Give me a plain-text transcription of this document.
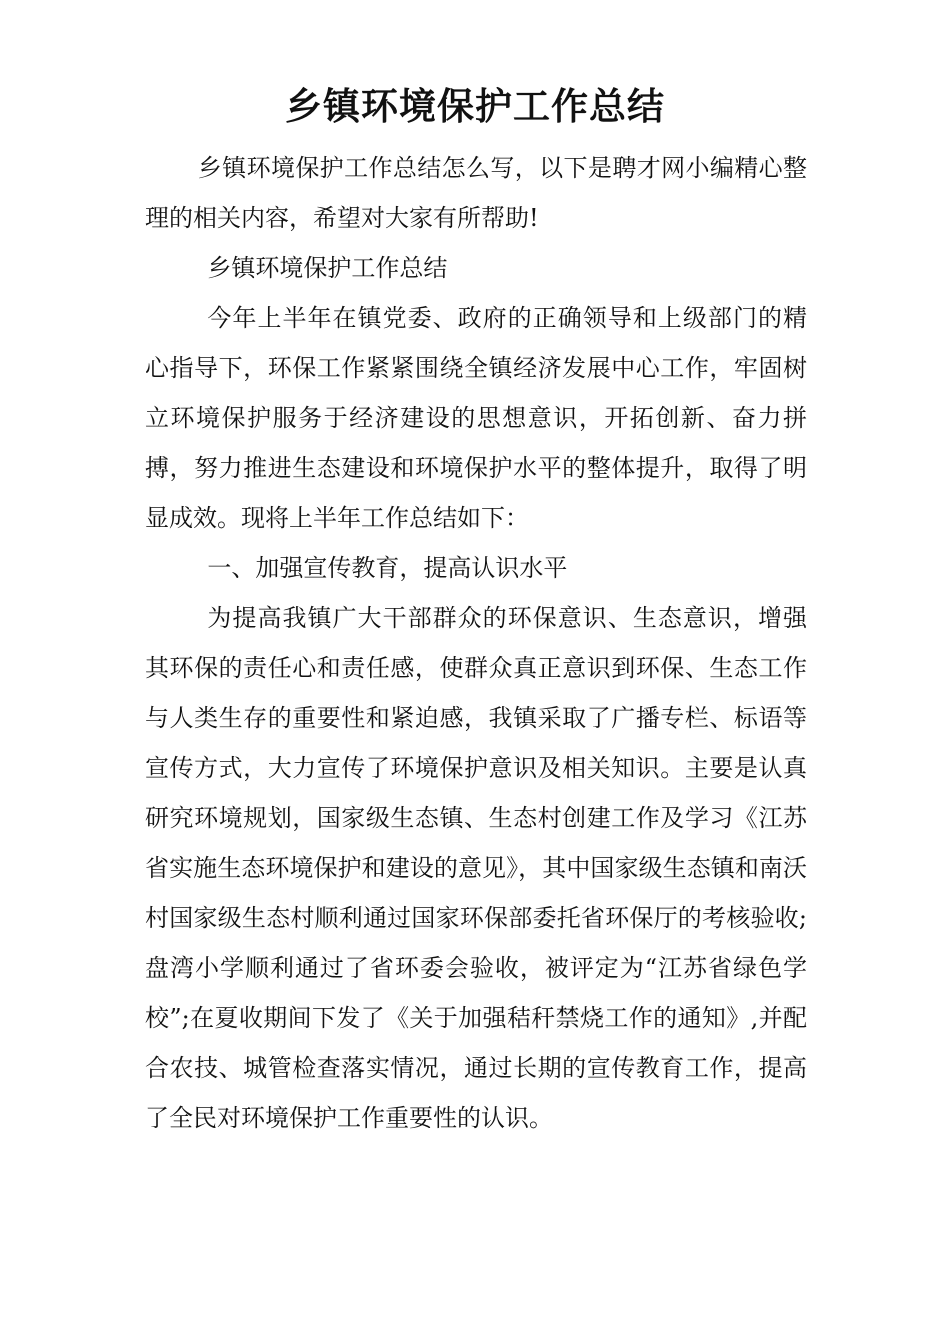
乡镇环境保护工作总结

乡镇环境保护工作总结怎么写，以下是聘才网小编精心整理的相关内容，希望对大家有所帮助!

乡镇环境保护工作总结

今年上半年在镇党委、政府的正确领导和上级部门的精心指导下，环保工作紧紧围绕全镇经济发展中心工作，牢固树立环境保护服务于经济建设的思想意识，开拓创新、奋力拼搏，努力推进生态建设和环境保护水平的整体提升，取得了明显成效。现将上半年工作总结如下：

一、加强宣传教育，提高认识水平

为提高我镇广大干部群众的环保意识、生态意识，增强其环保的责任心和责任感，使群众真正意识到环保、生态工作与人类生存的重要性和紧迫感，我镇采取了广播专栏、标语等宣传方式，大力宣传了环境保护意识及相关知识。主要是认真研究环境规划，国家级生态镇、生态村创建工作及学习《江苏省实施生态环境保护和建设的意见》，其中国家级生态镇和南沃村国家级生态村顺利通过国家环保部委托省环保厅的考核验收;盘湾小学顺利通过了省环委会验收，被评定为“江苏省绿色学校”;在夏收期间下发了《关于加强秸秆禁烧工作的通知》,并配合农技、城管检查落实情况，通过长期的宣传教育工作，提高了全民对环境保护工作重要性的认识。
